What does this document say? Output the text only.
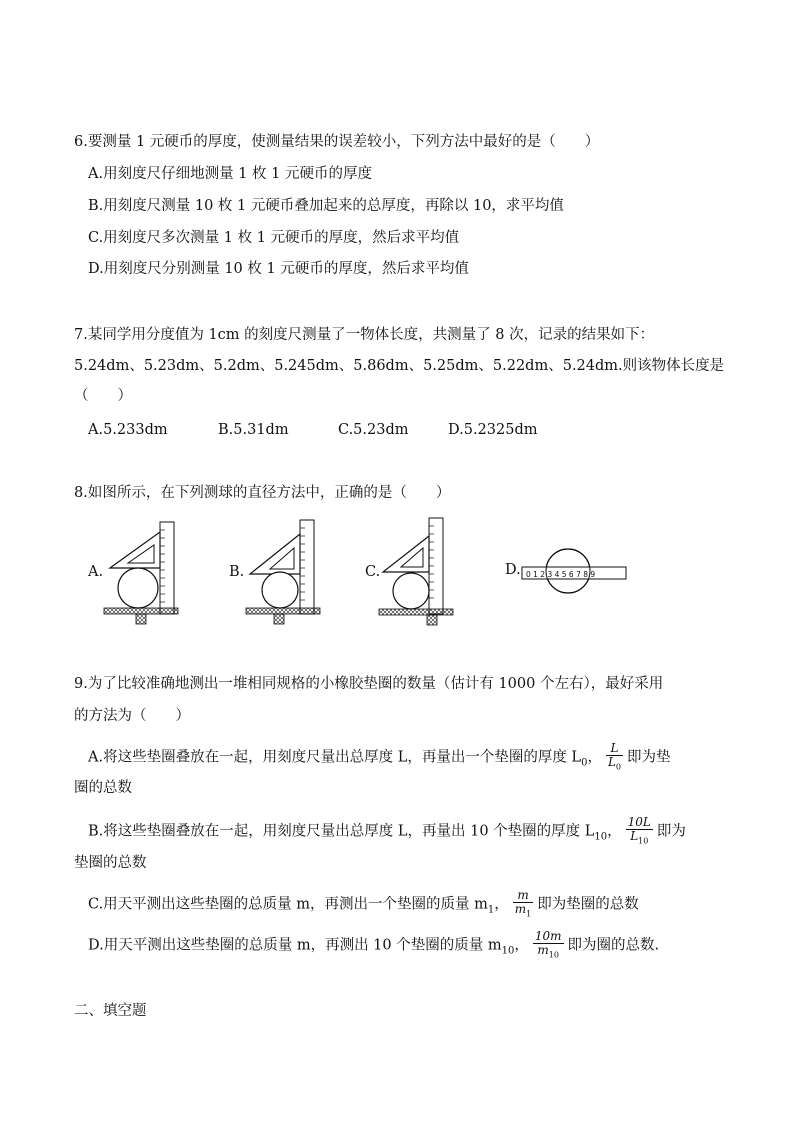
6.要测量 1 元硬币的厚度，使测量结果的误差较小，下列方法中最好的是（　　）
A.用刻度尺仔细地测量 1 枚 1 元硬币的厚度
B.用刻度尺测量 10 枚 1 元硬币叠加起来的总厚度，再除以 10，求平均值
C.用刻度尺多次测量 1 枚 1 元硬币的厚度，然后求平均值
D.用刻度尺分别测量 10 枚 1 元硬币的厚度，然后求平均值
7.某同学用分度值为 1cm 的刻度尺测量了一物体长度，共测量了 8 次，记录的结果如下：
5.24dm、5.23dm、5.2dm、5.245dm、5.86dm、5.25dm、5.22dm、5.24dm.则该物体长度是
（　　）
A.5.233dm	B.5.31dm	C.5.23dm	D.5.2325dm
8.如图所示，在下列测球的直径方法中，正确的是（　　）
A.	B.	C.	D. 0 1 2 3 4 5 6 7 8 9
9.为了比较准确地测出一堆相同规格的小橡胶垫圈的数量（估计有 1000 个左右），最好采用
的方法为（　　）
A.将这些垫圈叠放在一起，用刻度尺量出总厚度 L，再量出一个垫圈的厚度 $L_0$， $\frac{L}{L_0}$ 即为垫
圈的总数
B.将这些垫圈叠放在一起，用刻度尺量出总厚度 L，再量出 10 个垫圈的厚度 $L_{10}$， $\frac{10L}{L_{10}}$ 即为
垫圈的总数
C.用天平测出这些垫圈的总质量 m，再测出一个垫圈的质量 $m_1$， $\frac{m}{m_1}$ 即为垫圈的总数
D.用天平测出这些垫圈的总质量 m，再测出 10 个垫圈的质量 $m_{10}$， $\frac{10m}{m_{10}}$ 即为圈的总数.
二、填空题
